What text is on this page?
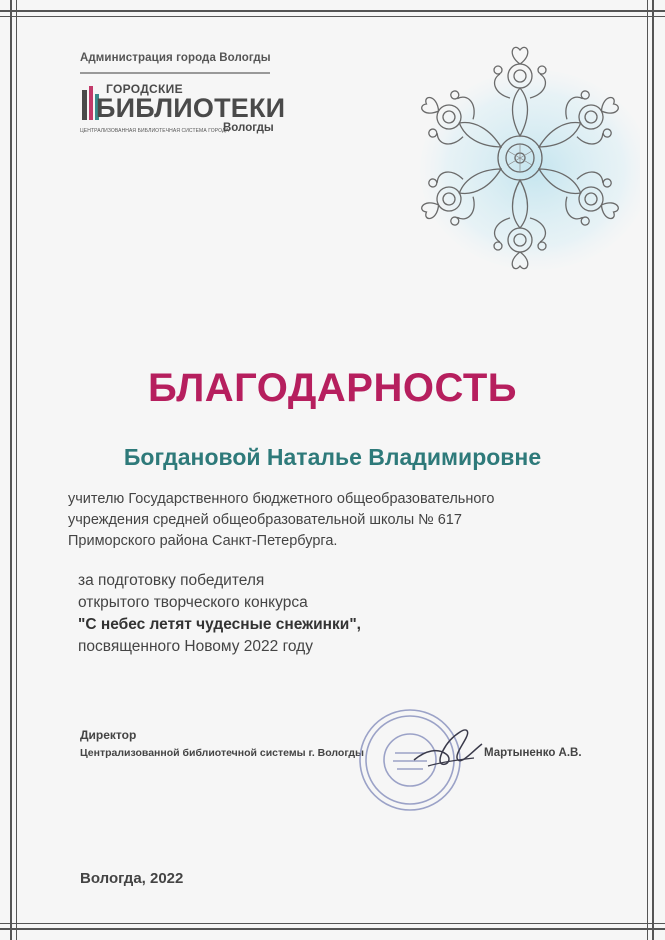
Администрация города Вологды
ГОРОДСКИЕ
БИБЛИОТЕКИ
ЦЕНТРАЛИЗОВАННАЯ БИБЛИОТЕЧНАЯ СИСТЕМА ГОРОДА
Вологды
БЛАГОДАРНОСТЬ
Богдановой Наталье Владимировне
учителю Государственного бюджетного общеобразовательного
учреждения средней общеобразовательной школы № 617
Приморского района Санкт-Петербурга.
за подготовку победителя
открытого творческого конкурса
"С небес летят чудесные снежинки",
посвященного Новому 2022 году
Директор
Централизованной библиотечной системы г. Вологды	Мартыненко А.В.
Вологда, 2022
